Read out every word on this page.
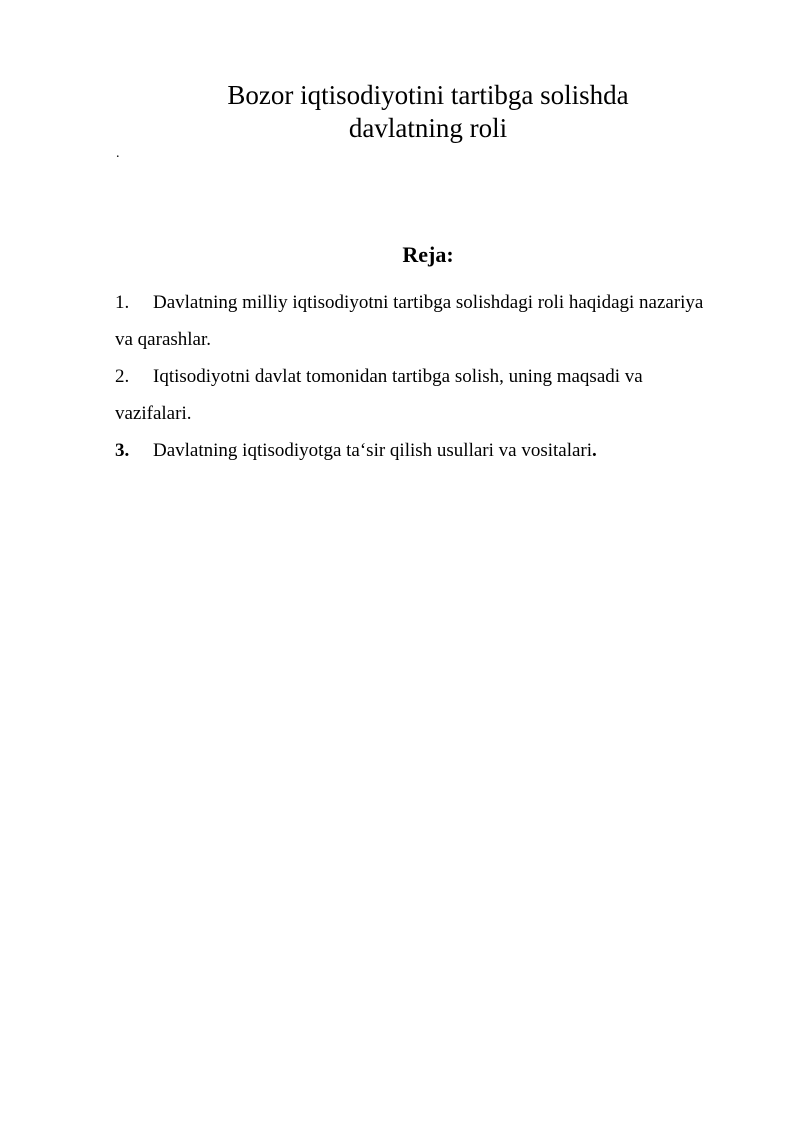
Bozor iqtisodiyotini tartibga solishda
davlatning roli
.
Reja:
1. Davlatning milliy iqtisodiyotni tartibga solishdagi roli haqidagi nazariya va qarashlar.
2. Iqtisodiyotni davlat tomonidan tartibga solish, uning maqsadi va vazifalari.
3. Davlatning iqtisodiyotga taʻsir qilish usullari va vositalari.
